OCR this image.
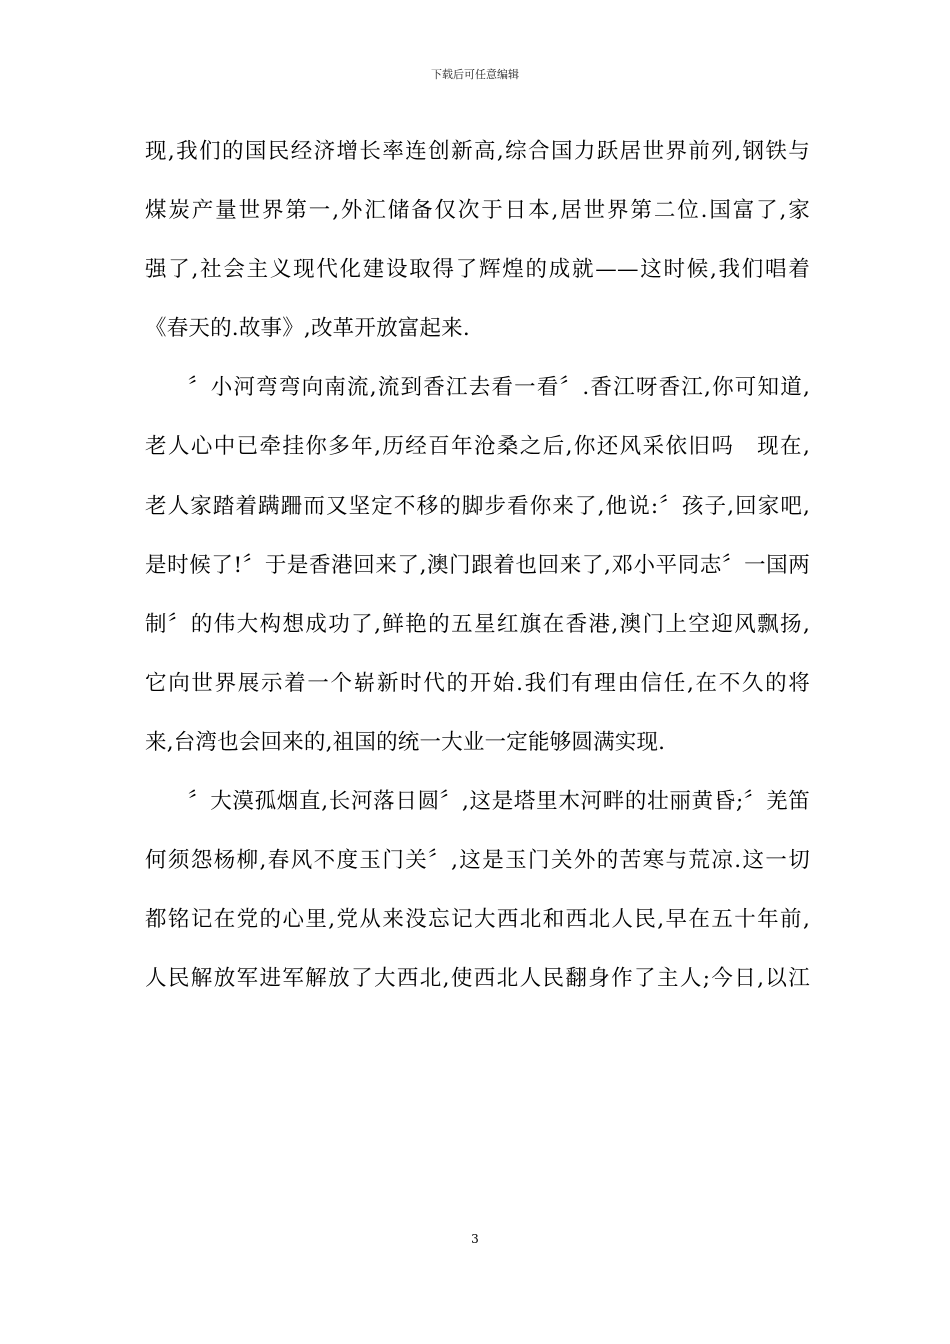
下载后可任意编辑
现,我们的国民经济增长率连创新高,综合国力跃居世界前列,钢铁与
煤炭产量世界第一,外汇储备仅次于日本,居世界第二位.国富了,家
强了,社会主义现代化建设取得了辉煌的成就——这时候,我们唱着
《春天的.故事》,改革开放富起来.
〞小河弯弯向南流,流到香江去看一看〞.香江呀香江,你可知道,
老人心中已牵挂你多年,历经百年沧桑之后,你还风采依旧吗　现在,
老人家踏着蹒跚而又坚定不移的脚步看你来了,他说:〞孩子,回家吧,
是时候了!〞于是香港回来了,澳门跟着也回来了,邓小平同志〞一国两
制〞的伟大构想成功了,鲜艳的五星红旗在香港,澳门上空迎风飘扬,
它向世界展示着一个崭新时代的开始.我们有理由信任,在不久的将
来,台湾也会回来的,祖国的统一大业一定能够圆满实现.
〞大漠孤烟直,长河落日圆〞,这是塔里木河畔的壮丽黄昏;〞羌笛
何须怨杨柳,春风不度玉门关〞,这是玉门关外的苦寒与荒凉.这一切
都铭记在党的心里,党从来没忘记大西北和西北人民,早在五十年前,
人民解放军进军解放了大西北,使西北人民翻身作了主人;今日,以江
3
